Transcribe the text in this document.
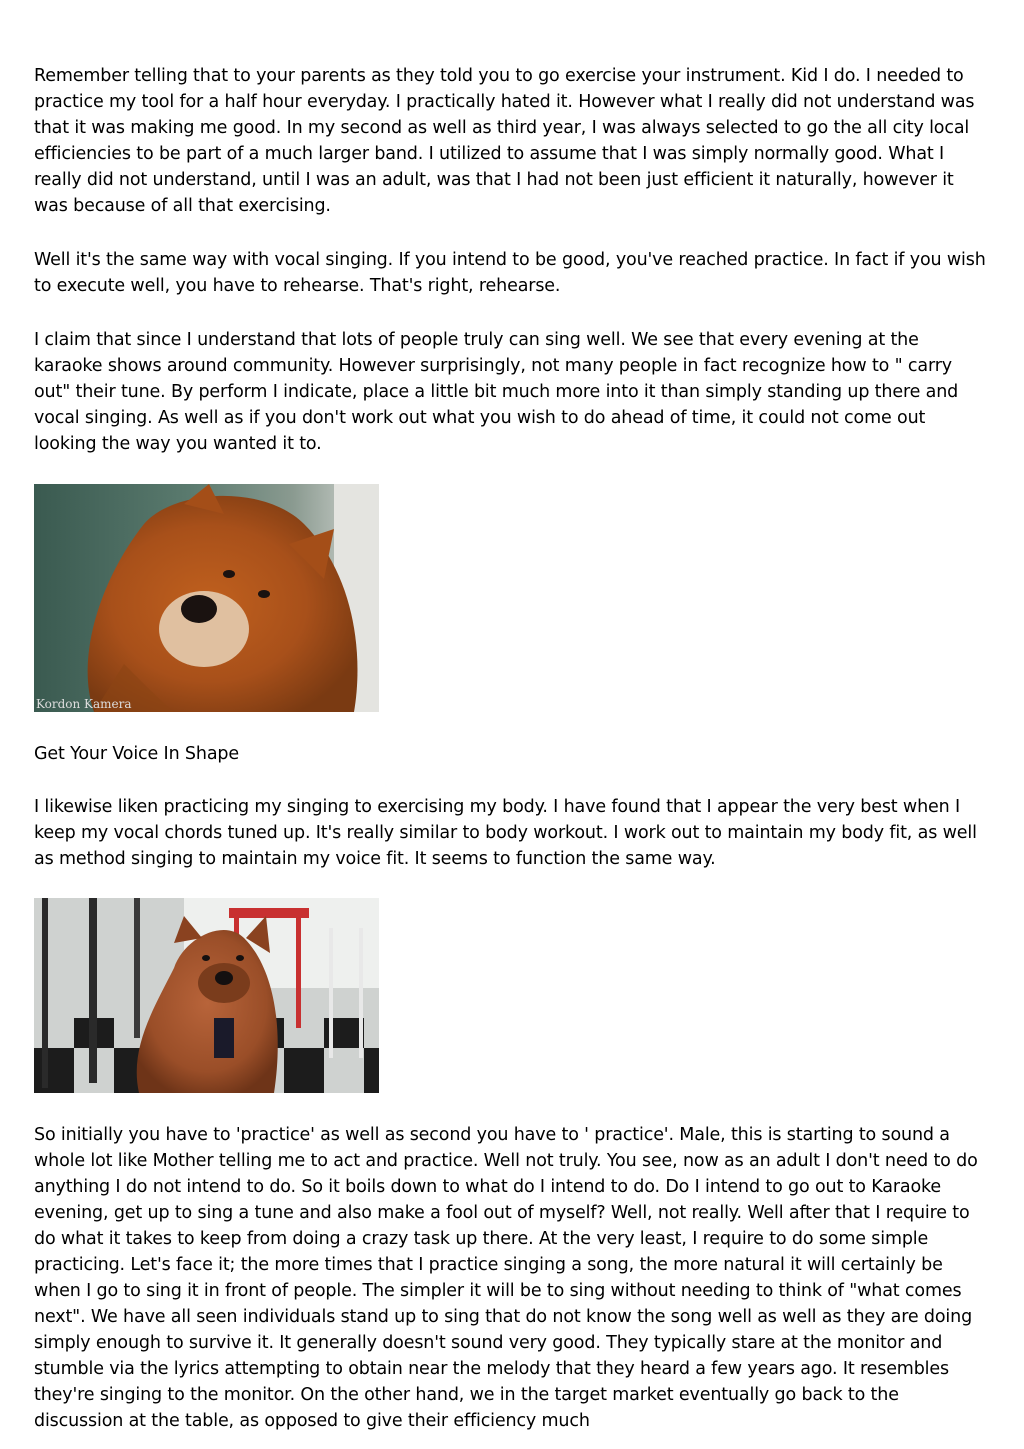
Remember telling that to your parents as they told you to go exercise your instrument. Kid I do. I needed to practice my tool for a half hour everyday. I practically hated it. However what I really did not understand was that it was making me good. In my second as well as third year, I was always selected to go the all city local efficiencies to be part of a much larger band. I utilized to assume that I was simply normally good. What I really did not understand, until I was an adult, was that I had not been just efficient it naturally, however it was because of all that exercising.

Well it's the same way with vocal singing. If you intend to be good, you've reached practice. In fact if you wish to execute well, you have to rehearse. That's right, rehearse.

I claim that since I understand that lots of people truly can sing well. We see that every evening at the karaoke shows around community. However surprisingly, not many people in fact recognize how to " carry out" their tune. By perform I indicate, place a little bit much more into it than simply standing up there and vocal singing. As well as if you don't work out what you wish to do ahead of time, it could not come out looking the way you wanted it to.

Kordon Kamera

Get Your Voice In Shape

I likewise liken practicing my singing to exercising my body. I have found that I appear the very best when I keep my vocal chords tuned up. It's really similar to body workout. I work out to maintain my body fit, as well as method singing to maintain my voice fit. It seems to function the same way.

So initially you have to 'practice' as well as second you have to ' practice'. Male, this is starting to sound a whole lot like Mother telling me to act and practice. Well not truly. You see, now as an adult I don't need to do anything I do not intend to do. So it boils down to what do I intend to do. Do I intend to go out to Karaoke evening, get up to sing a tune and also make a fool out of myself? Well, not really. Well after that I require to do what it takes to keep from doing a crazy task up there. At the very least, I require to do some simple practicing. Let's face it; the more times that I practice singing a song, the more natural it will certainly be when I go to sing it in front of people. The simpler it will be to sing without needing to think of "what comes next". We have all seen individuals stand up to sing that do not know the song well as well as they are doing simply enough to survive it. It generally doesn't sound very good. They typically stare at the monitor and stumble via the lyrics attempting to obtain near the melody that they heard a few years ago. It resembles they're singing to the monitor. On the other hand, we in the target market eventually go back to the discussion at the table, as opposed to give their efficiency much
